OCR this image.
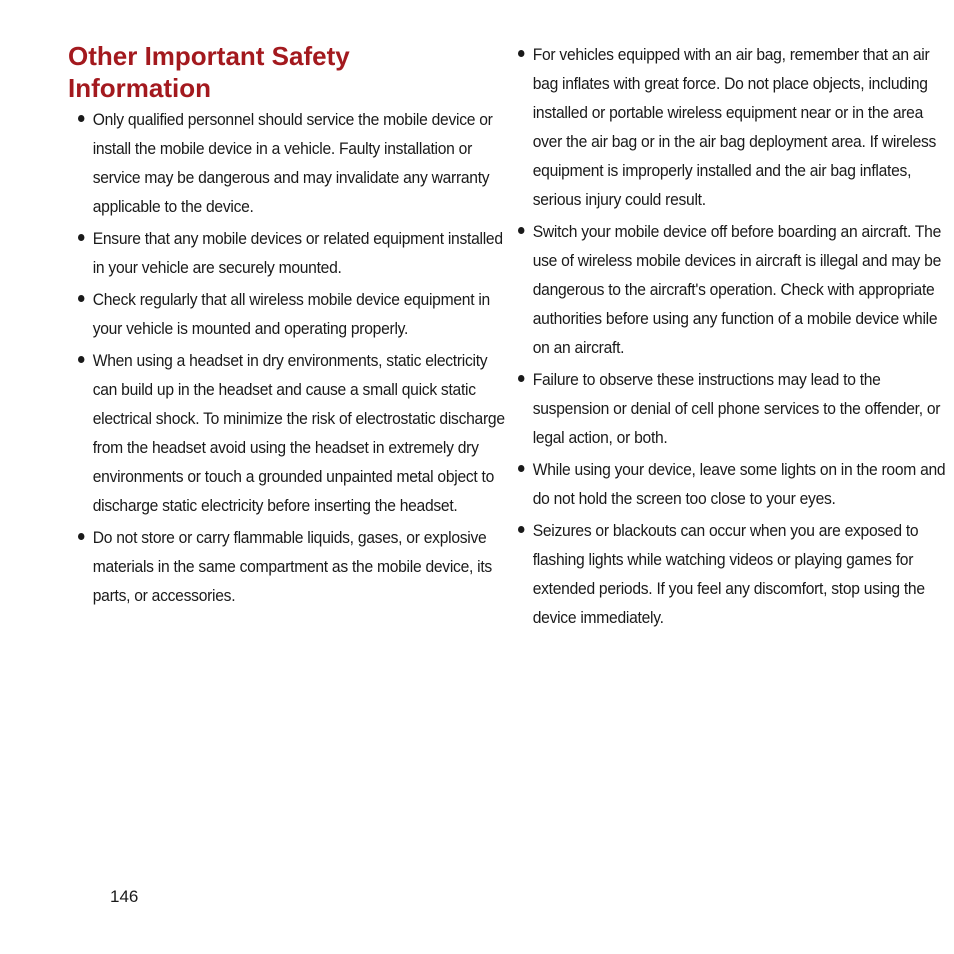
Other Important Safety Information
Only qualified personnel should service the mobile device or install the mobile device in a vehicle. Faulty installation or service may be dangerous and may invalidate any warranty applicable to the device.
Ensure that any mobile devices or related equipment installed in your vehicle are securely mounted.
Check regularly that all wireless mobile device equipment in your vehicle is mounted and operating properly.
When using a headset in dry environments, static electricity can build up in the headset and cause a small quick static electrical shock. To minimize the risk of electrostatic discharge from the headset avoid using the headset in extremely dry environments or touch a grounded unpainted metal object to discharge static electricity before inserting the headset.
Do not store or carry flammable liquids, gases, or explosive materials in the same compartment as the mobile device, its parts, or accessories.
For vehicles equipped with an air bag, remember that an air bag inflates with great force. Do not place objects, including installed or portable wireless equipment near or in the area over the air bag or in the air bag deployment area. If wireless equipment is improperly installed and the air bag inflates, serious injury could result.
Switch your mobile device off before boarding an aircraft. The use of wireless mobile devices in aircraft is illegal and may be dangerous to the aircraft's operation. Check with appropriate authorities before using any function of a mobile device while on an aircraft.
Failure to observe these instructions may lead to the suspension or denial of cell phone services to the offender, or legal action, or both.
While using your device, leave some lights on in the room and do not hold the screen too close to your eyes.
Seizures or blackouts can occur when you are exposed to flashing lights while watching videos or playing games for extended periods. If you feel any discomfort, stop using the device immediately.
146
